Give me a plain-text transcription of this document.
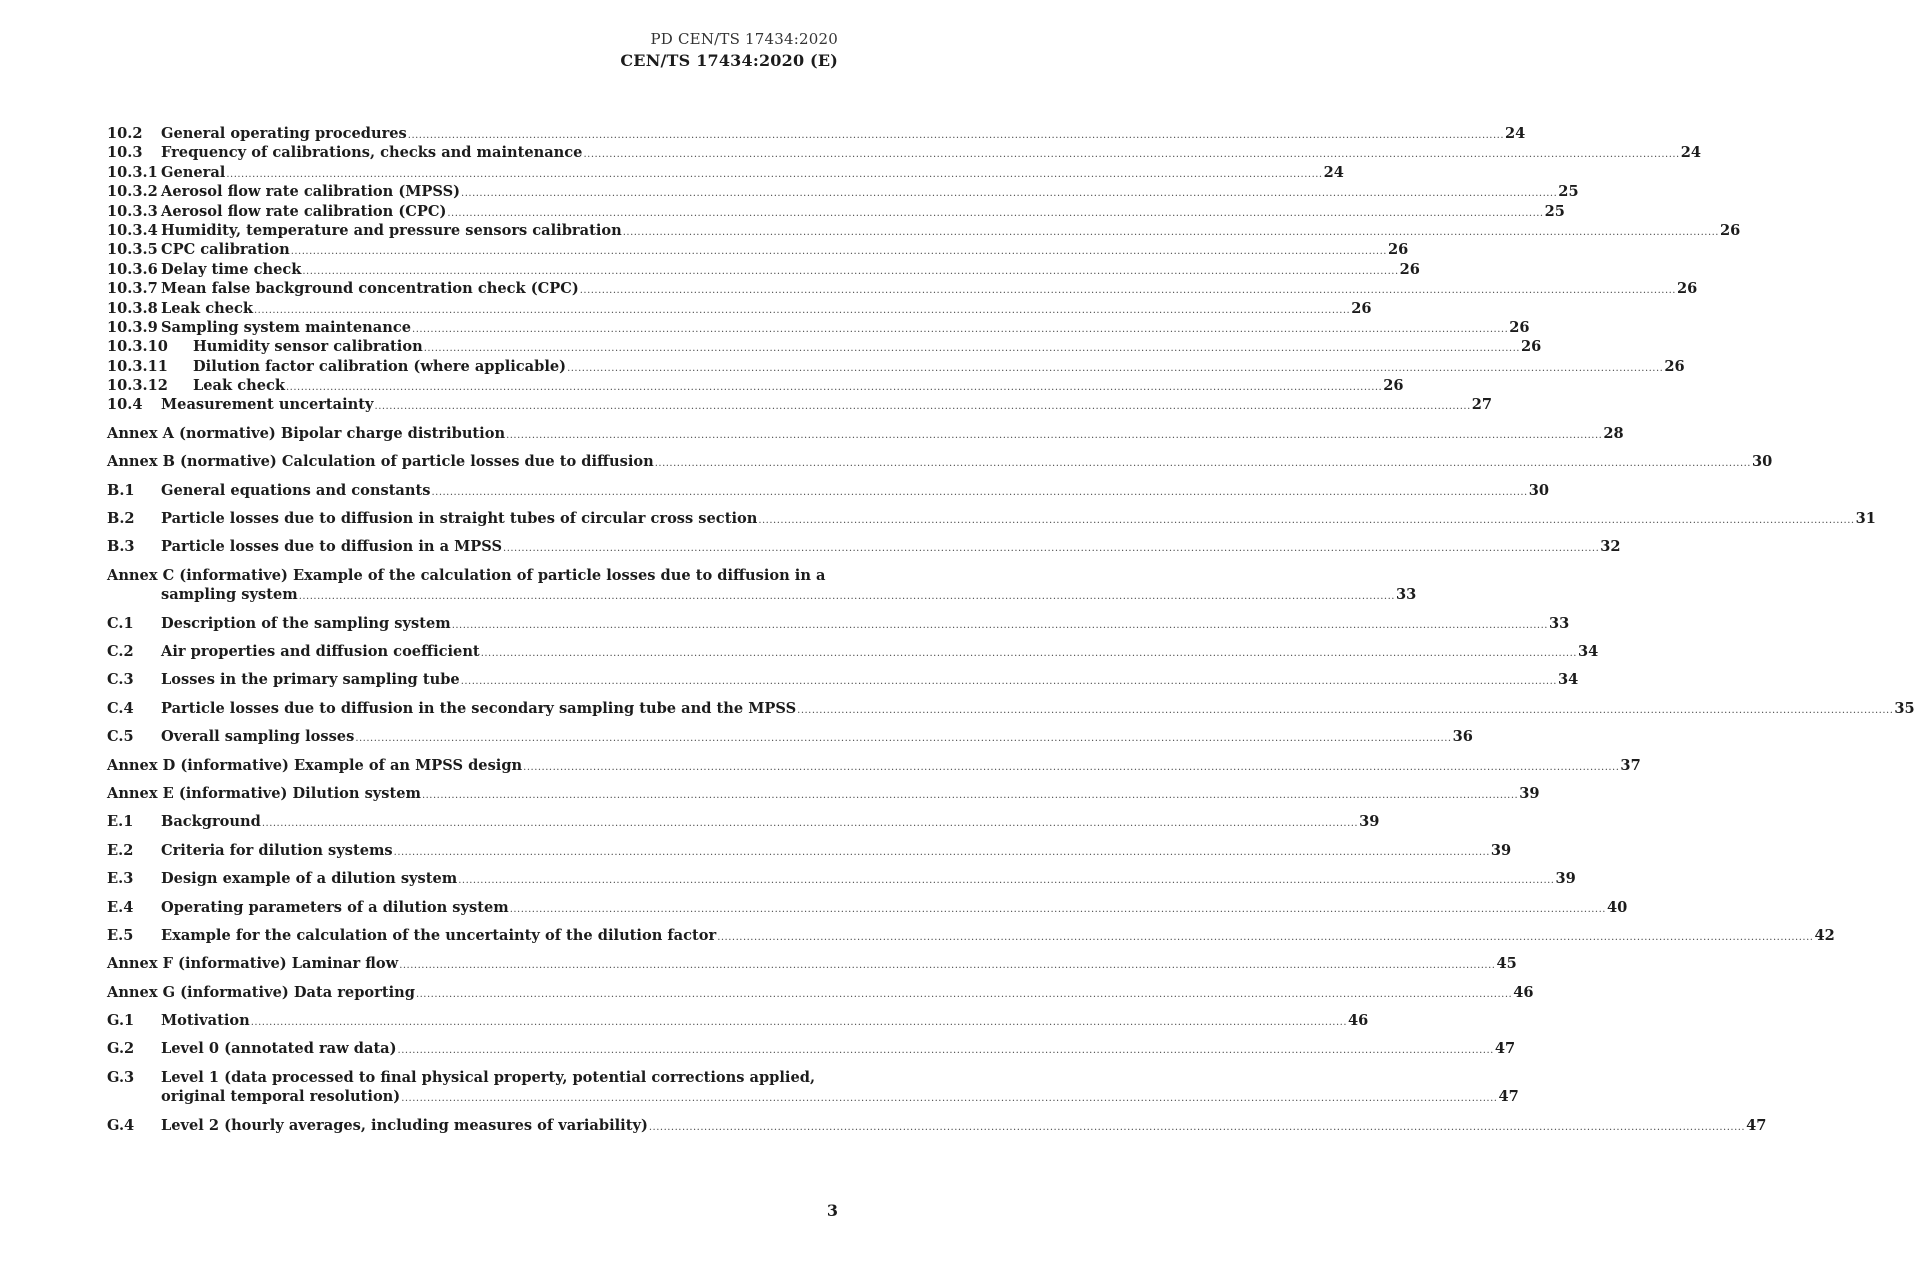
PD CEN/TS 17434:2020
CEN/TS 17434:2020 (E)
10.2	General operating procedures .....	24
10.3	Frequency of calibrations, checks and maintenance .....	24
10.3.1 General .....	24
10.3.2 Aerosol flow rate calibration (MPSS) .....	25
10.3.3 Aerosol flow rate calibration (CPC) .....	25
10.3.4 Humidity, temperature and pressure sensors calibration .....	26
10.3.5 CPC calibration .....	26
10.3.6 Delay time check .....	26
10.3.7 Mean false background concentration check (CPC) .....	26
10.3.8 Leak check .....	26
10.3.9 Sampling system maintenance .....	26
10.3.10	Humidity sensor calibration .....	26
10.3.11	Dilution factor calibration (where applicable) .....	26
10.3.12	Leak check .....	26
10.4	Measurement uncertainty .....	27
Annex A (normative) Bipolar charge distribution .....	28
Annex B (normative) Calculation of particle losses due to diffusion .....	30
B.1	General equations and constants .....	30
B.2	Particle losses due to diffusion in straight tubes of circular cross section .....	31
B.3	Particle losses due to diffusion in a MPSS .....	32
Annex C (informative) Example of the calculation of particle losses due to diffusion in a
sampling system .....	33
C.1	Description of the sampling system .....	33
C.2	Air properties and diffusion coefficient .....	34
C.3	Losses in the primary sampling tube .....	34
C.4	Particle losses due to diffusion in the secondary sampling tube and the MPSS .....	35
C.5	Overall sampling losses .....	36
Annex D (informative) Example of an MPSS design .....	37
Annex E (informative) Dilution system .....	39
E.1	Background .....	39
E.2	Criteria for dilution systems .....	39
E.3	Design example of a dilution system .....	39
E.4	Operating parameters of a dilution system .....	40
E.5	Example for the calculation of the uncertainty of the dilution factor .....	42
Annex F (informative) Laminar flow .....	45
Annex G (informative) Data reporting .....	46
G.1	Motivation .....	46
G.2	Level 0 (annotated raw data) .....	47
G.3	Level 1 (data processed to final physical property, potential corrections applied,
original temporal resolution) .....	47
G.4	Level 2 (hourly averages, including measures of variability) .....	47
3
